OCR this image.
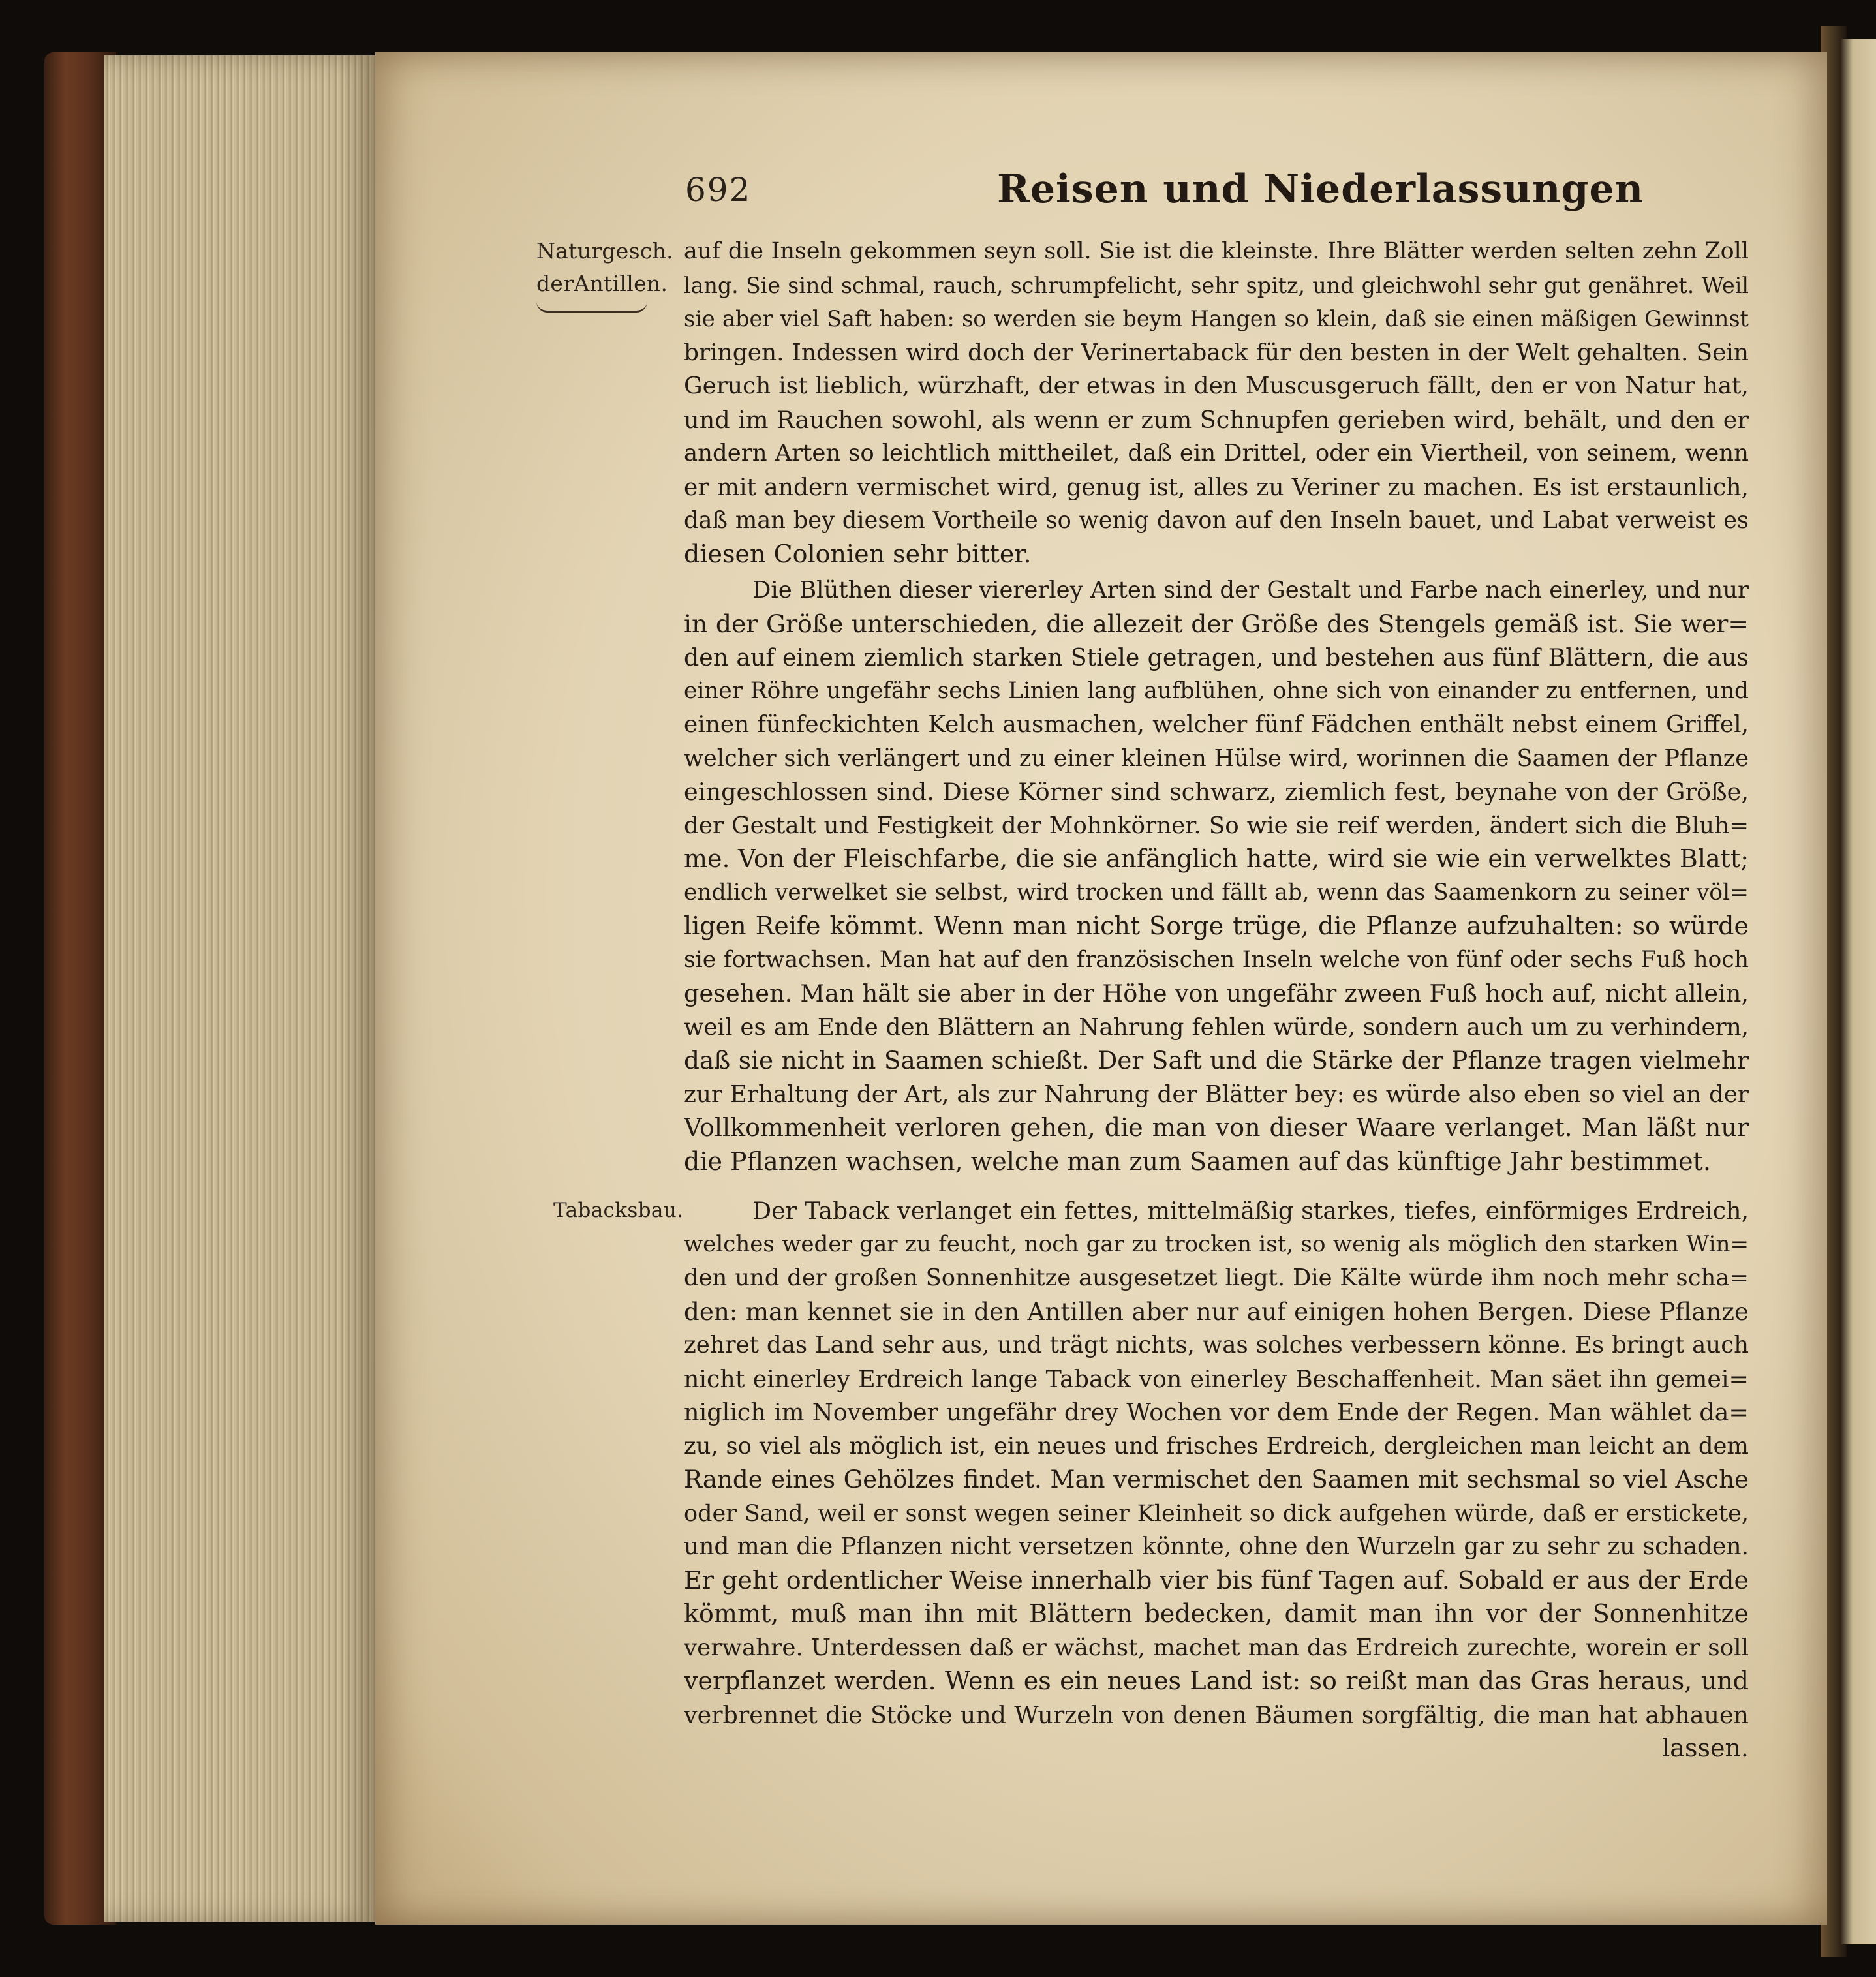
692	Reisen und Niederlassungen
Naturgesch.
derAntillen.
Tabacksbau.
auf die Inseln gekommen seyn soll. Sie ist die kleinste. Ihre Blätter werden selten zehn Zoll
lang. Sie sind schmal, rauch, schrumpfelicht, sehr spitz, und gleichwohl sehr gut genähret. Weil
sie aber viel Saft haben: so werden sie beym Hangen so klein, daß sie einen mäßigen Gewinnst
bringen. Indessen wird doch der Verinertaback für den besten in der Welt gehalten. Sein
Geruch ist lieblich, würzhaft, der etwas in den Muscusgeruch fällt, den er von Natur hat,
und im Rauchen sowohl, als wenn er zum Schnupfen gerieben wird, behält, und den er
andern Arten so leichtlich mittheilet, daß ein Drittel, oder ein Viertheil, von seinem, wenn
er mit andern vermischet wird, genug ist, alles zu Veriner zu machen. Es ist erstaunlich,
daß man bey diesem Vortheile so wenig davon auf den Inseln bauet, und Labat verweist es
diesen Colonien sehr bitter.
Die Blüthen dieser viererley Arten sind der Gestalt und Farbe nach einerley, und nur
in der Größe unterschieden, die allezeit der Größe des Stengels gemäß ist. Sie wer=
den auf einem ziemlich starken Stiele getragen, und bestehen aus fünf Blättern, die aus
einer Röhre ungefähr sechs Linien lang aufblühen, ohne sich von einander zu entfernen, und
einen fünfeckichten Kelch ausmachen, welcher fünf Fädchen enthält nebst einem Griffel,
welcher sich verlängert und zu einer kleinen Hülse wird, worinnen die Saamen der Pflanze
eingeschlossen sind. Diese Körner sind schwarz, ziemlich fest, beynahe von der Größe,
der Gestalt und Festigkeit der Mohnkörner. So wie sie reif werden, ändert sich die Bluh=
me. Von der Fleischfarbe, die sie anfänglich hatte, wird sie wie ein verwelktes Blatt;
endlich verwelket sie selbst, wird trocken und fällt ab, wenn das Saamenkorn zu seiner völ=
ligen Reife kömmt. Wenn man nicht Sorge trüge, die Pflanze aufzuhalten: so würde
sie fortwachsen. Man hat auf den französischen Inseln welche von fünf oder sechs Fuß hoch
gesehen. Man hält sie aber in der Höhe von ungefähr zween Fuß hoch auf, nicht allein,
weil es am Ende den Blättern an Nahrung fehlen würde, sondern auch um zu verhindern,
daß sie nicht in Saamen schießt. Der Saft und die Stärke der Pflanze tragen vielmehr
zur Erhaltung der Art, als zur Nahrung der Blätter bey: es würde also eben so viel an der
Vollkommenheit verloren gehen, die man von dieser Waare verlanget. Man läßt nur
die Pflanzen wachsen, welche man zum Saamen auf das künftige Jahr bestimmet.
Der Taback verlanget ein fettes, mittelmäßig starkes, tiefes, einförmiges Erdreich,
welches weder gar zu feucht, noch gar zu trocken ist, so wenig als möglich den starken Win=
den und der großen Sonnenhitze ausgesetzet liegt. Die Kälte würde ihm noch mehr scha=
den: man kennet sie in den Antillen aber nur auf einigen hohen Bergen. Diese Pflanze
zehret das Land sehr aus, und trägt nichts, was solches verbessern könne. Es bringt auch
nicht einerley Erdreich lange Taback von einerley Beschaffenheit. Man säet ihn gemei=
niglich im November ungefähr drey Wochen vor dem Ende der Regen. Man wählet da=
zu, so viel als möglich ist, ein neues und frisches Erdreich, dergleichen man leicht an dem
Rande eines Gehölzes findet. Man vermischet den Saamen mit sechsmal so viel Asche
oder Sand, weil er sonst wegen seiner Kleinheit so dick aufgehen würde, daß er erstickete,
und man die Pflanzen nicht versetzen könnte, ohne den Wurzeln gar zu sehr zu schaden.
Er geht ordentlicher Weise innerhalb vier bis fünf Tagen auf. Sobald er aus der Erde
kömmt, muß man ihn mit Blättern bedecken, damit man ihn vor der Sonnenhitze
verwahre. Unterdessen daß er wächst, machet man das Erdreich zurechte, worein er soll
verpflanzet werden. Wenn es ein neues Land ist: so reißt man das Gras heraus, und
verbrennet die Stöcke und Wurzeln von denen Bäumen sorgfältig, die man hat abhauen
lassen.
